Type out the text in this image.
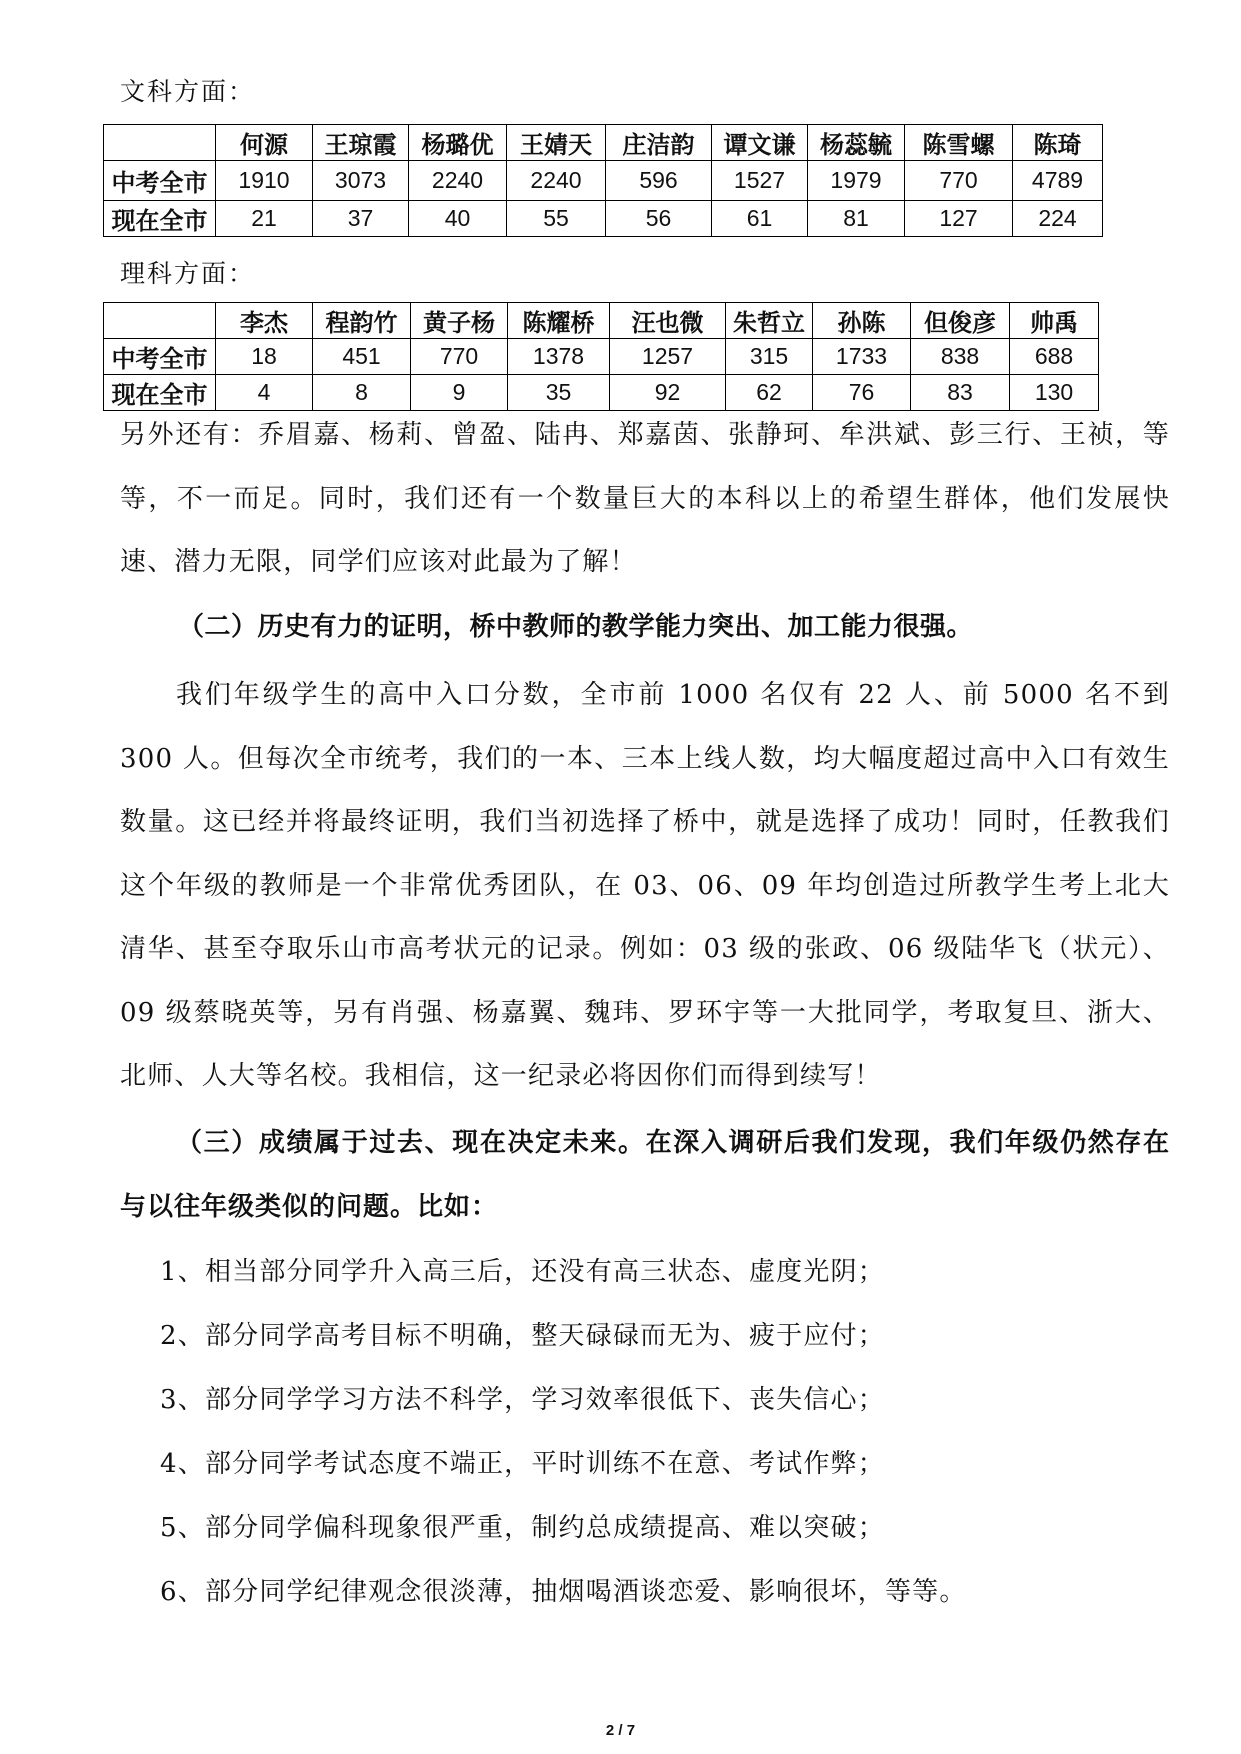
文科方面：
	何源	王琼霞	杨璐优	王婧天	庄洁韵	谭文谦	杨蕊毓	陈雪螺	陈琦
中考全市	1910	3073	2240	2240	596	1527	1979	770	4789
现在全市	21	37	40	55	56	61	81	127	224
理科方面：
	李杰	程韵竹	黄子杨	陈耀桥	汪也微	朱哲立	孙陈	但俊彦	帅禹
中考全市	18	451	770	1378	1257	315	1733	838	688
现在全市	4	8	9	35	92	62	76	83	130

另外还有：乔眉嘉、杨莉、曾盈、陆冉、郑嘉茵、张静珂、牟洪斌、彭三行、王祯，等等，不一而足。同时，我们还有一个数量巨大的本科以上的希望生群体，他们发展快速、潜力无限，同学们应该对此最为了解！

（二）历史有力的证明，桥中教师的教学能力突出、加工能力很强。

我们年级学生的高中入口分数，全市前 1000 名仅有 22 人、前 5000 名不到 300 人。但每次全市统考，我们的一本、三本上线人数，均大幅度超过高中入口有效生数量。这已经并将最终证明，我们当初选择了桥中，就是选择了成功！同时，任教我们这个年级的教师是一个非常优秀团队，在 03、06、09 年均创造过所教学生考上北大清华、甚至夺取乐山市高考状元的记录。例如：03 级的张政、06 级陆华飞（状元）、09 级蔡晓英等，另有肖强、杨嘉翼、魏玮、罗环宇等一大批同学，考取复旦、浙大、北师、人大等名校。我相信，这一纪录必将因你们而得到续写！

（三）成绩属于过去、现在决定未来。在深入调研后我们发现，我们年级仍然存在与以往年级类似的问题。比如：

1、相当部分同学升入高三后，还没有高三状态、虚度光阴；
2、部分同学高考目标不明确，整天碌碌而无为、疲于应付；
3、部分同学学习方法不科学，学习效率很低下、丧失信心；
4、部分同学考试态度不端正，平时训练不在意、考试作弊；
5、部分同学偏科现象很严重，制约总成绩提高、难以突破；
6、部分同学纪律观念很淡薄，抽烟喝酒谈恋爱、影响很坏，等等。
2 / 7
